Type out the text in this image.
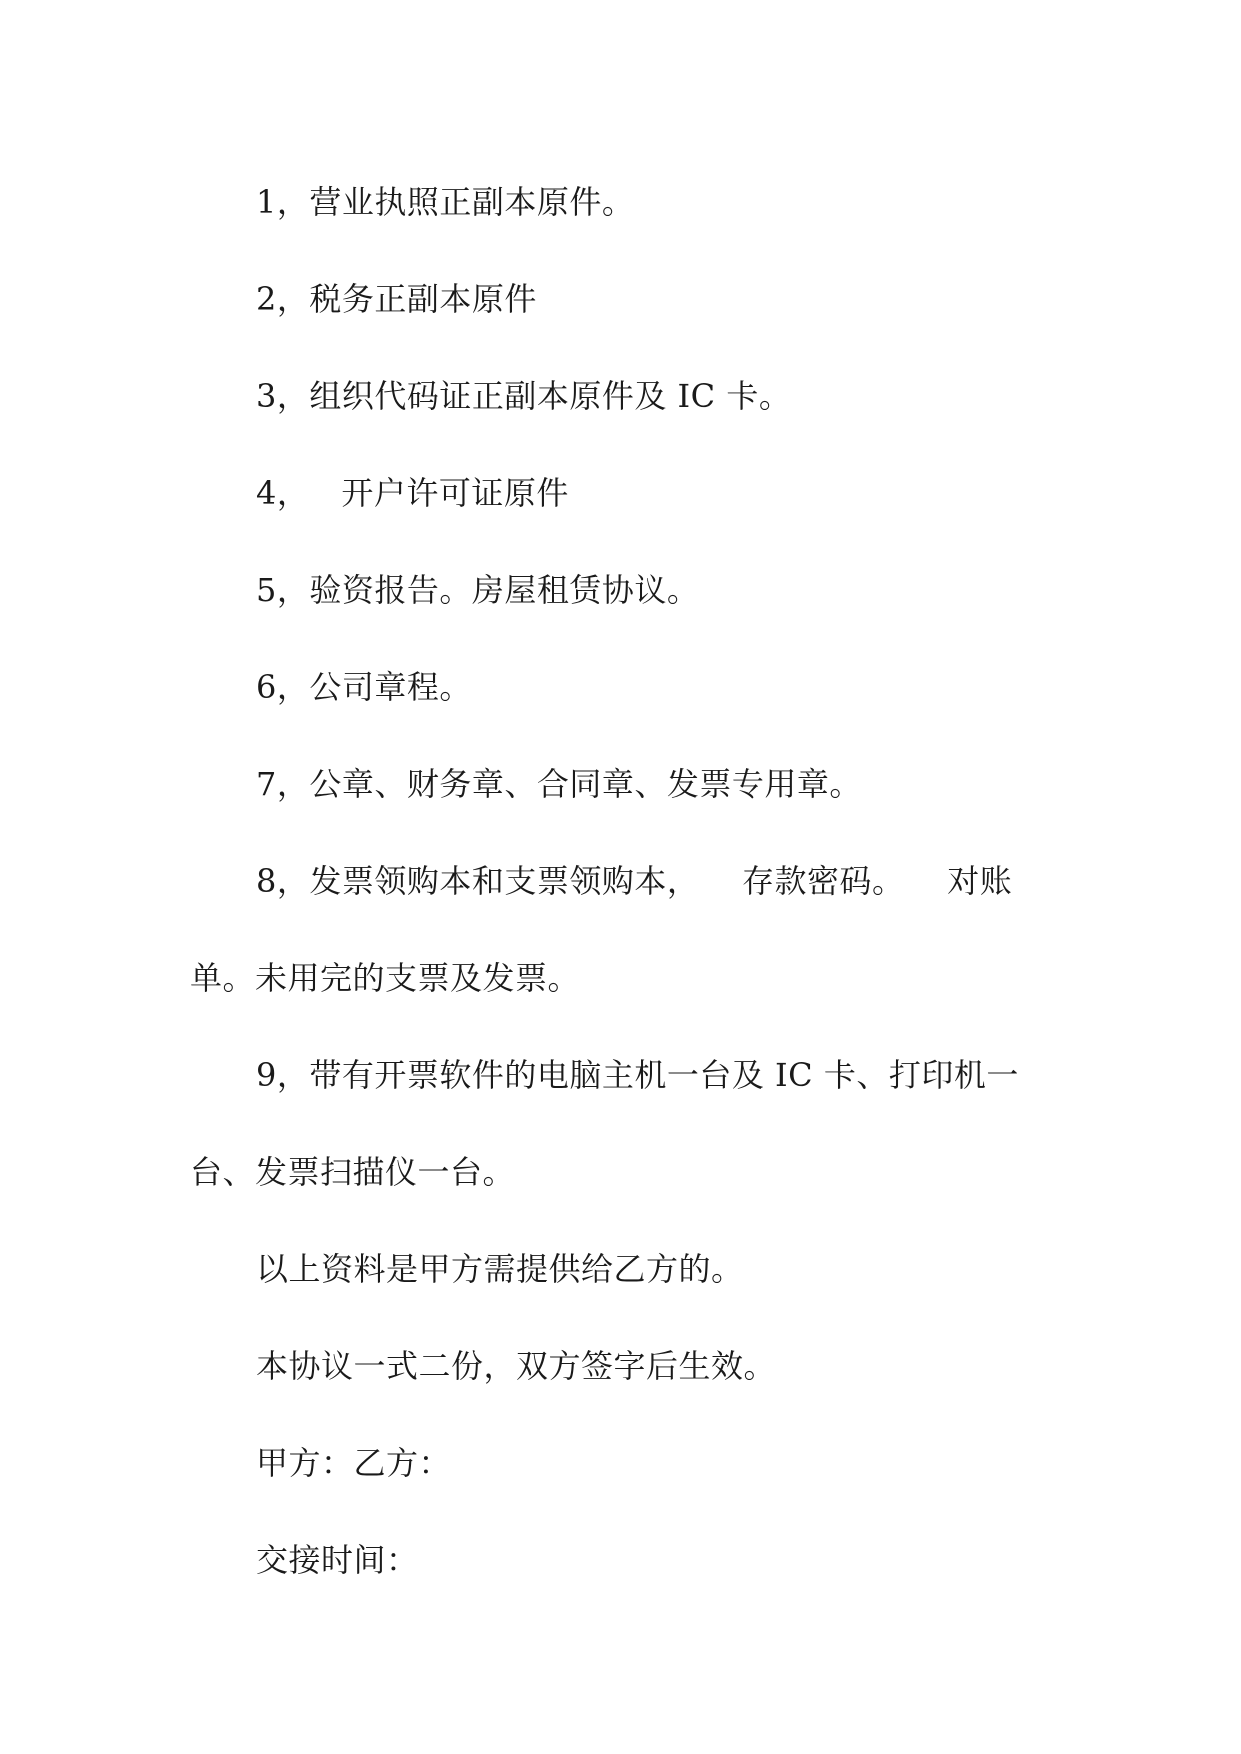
1，营业执照正副本原件。
2，税务正副本原件
3，组织代码证正副本原件及 IC 卡。
4，   开户许可证原件
5，验资报告。房屋租赁协议。
6，公司章程。
7，公章、财务章、合同章、发票专用章。
8，发票领购本和支票领购本，    存款密码。    对账
单。未用完的支票及发票。
9，带有开票软件的电脑主机一台及 IC 卡、打印机一
台、发票扫描仪一台。
以上资料是甲方需提供给乙方的。
本协议一式二份，双方签字后生效。
甲方：乙方：
交接时间：
